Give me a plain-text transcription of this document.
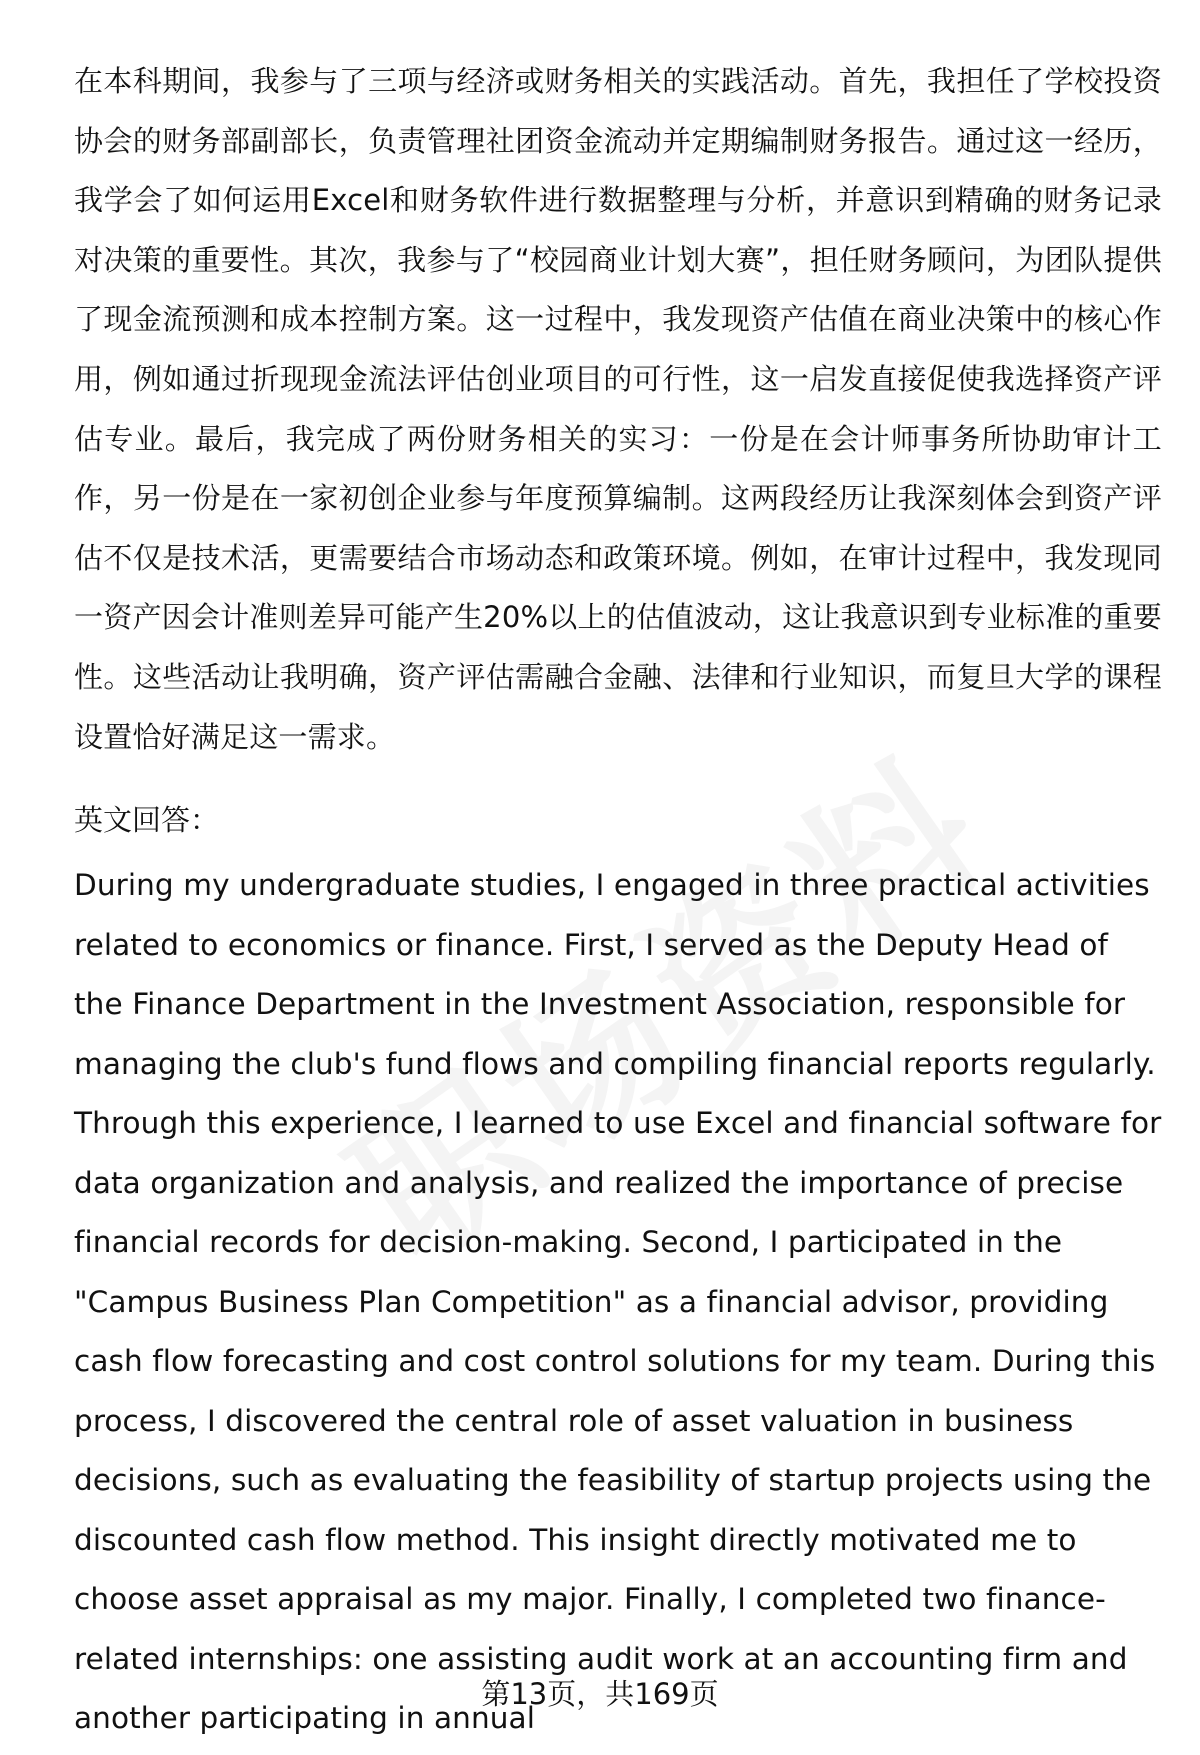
在本科期间，我参与了三项与经济或财务相关的实践活动。首先，我担任了学校投资协会的财务部副部长，负责管理社团资金流动并定期编制财务报告。通过这一经历，我学会了如何运用Excel和财务软件进行数据整理与分析，并意识到精确的财务记录对决策的重要性。其次，我参与了“校园商业计划大赛”，担任财务顾问，为团队提供了现金流预测和成本控制方案。这一过程中，我发现资产估值在商业决策中的核心作用，例如通过折现现金流法评估创业项目的可行性，这一启发直接促使我选择资产评估专业。最后，我完成了两份财务相关的实习：一份是在会计师事务所协助审计工作，另一份是在一家初创企业参与年度预算编制。这两段经历让我深刻体会到资产评估不仅是技术活，更需要结合市场动态和政策环境。例如，在审计过程中，我发现同一资产因会计准则差异可能产生20%以上的估值波动，这让我意识到专业标准的重要性。这些活动让我明确，资产评估需融合金融、法律和行业知识，而复旦大学的课程设置恰好满足这一需求。

英文回答：

During my undergraduate studies, I engaged in three practical activities related to economics or finance. First, I served as the Deputy Head of the Finance Department in the Investment Association, responsible for managing the club's fund flows and compiling financial reports regularly. Through this experience, I learned to use Excel and financial software for data organization and analysis, and realized the importance of precise financial records for decision-making. Second, I participated in the "Campus Business Plan Competition" as a financial advisor, providing cash flow forecasting and cost control solutions for my team. During this process, I discovered the central role of asset valuation in business decisions, such as evaluating the feasibility of startup projects using the discounted cash flow method. This insight directly motivated me to choose asset appraisal as my major. Finally, I completed two finance-related internships: one assisting audit work at an accounting firm and another participating in annual

第13页，共169页
